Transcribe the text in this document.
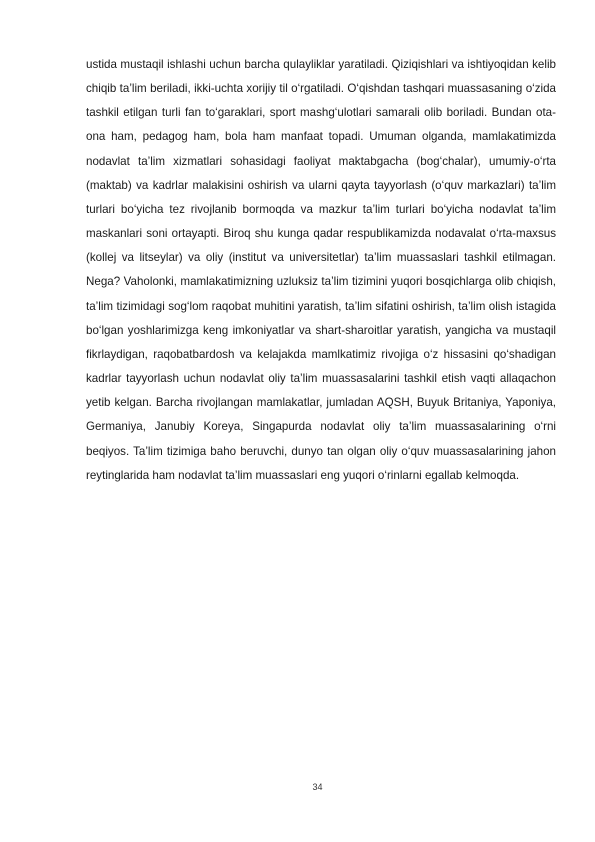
ustida mustaqil ishlashi uchun barcha qulayliklar yaratiladi. Qiziqishlari va ishtiyoqidan kelib chiqib ta’lim beriladi, ikki-uchta xorijiy til o‘rgatiladi. O‘qishdan tashqari muassasaning o‘zida tashkil etilgan turli fan to‘garaklari, sport mashg‘ulotlari samarali olib boriladi. Bundan ota-ona ham, pedagog ham, bola ham manfaat topadi. Umuman olganda, mamlakatimizda nodavlat ta’lim xizmatlari sohasidagi faoliyat maktabgacha (bog‘chalar), umumiy-o‘rta (maktab) va kadrlar malakisini oshirish va ularni qayta tayyorlash (o‘quv markazlari) ta’lim turlari bo‘yicha tez rivojlanib bormoqda va mazkur ta’lim turlari bo‘yicha nodavlat ta’lim maskanlari soni ortayapti. Biroq shu kunga qadar respublikamizda nodavalat o‘rta-maxsus (kollej va litseylar) va oliy (institut va universitetlar) ta’lim muassaslari tashkil etilmagan. Nega? Vaholonki, mamlakatimizning uzluksiz ta’lim tizimini yuqori bosqichlarga olib chiqish, ta’lim tizimidagi sog‘lom raqobat muhitini yaratish, ta’lim sifatini oshirish, ta’lim olish istagida bo‘lgan yoshlarimizga keng imkoniyatlar va shart-sharoitlar yaratish, yangicha va mustaqil fikrlaydigan, raqobatbardosh va kelajakda mamlkatimiz rivojiga o‘z hissasini qo‘shadigan kadrlar tayyorlash uchun nodavlat oliy ta’lim muassasalarini tashkil etish vaqti allaqachon yetib kelgan. Barcha rivojlangan mamlakatlar, jumladan AQSH, Buyuk Britaniya, Yaponiya, Germaniya, Janubiy Koreya, Singapurda nodavlat oliy ta’lim muassasalarining o‘rni beqiyos. Ta’lim tizimiga baho beruvchi, dunyo tan olgan oliy o‘quv muassasalarining jahon reytinglarida ham nodavlat ta’lim muassaslari eng yuqori o‘rinlarni egallab kelmoqda.

34
